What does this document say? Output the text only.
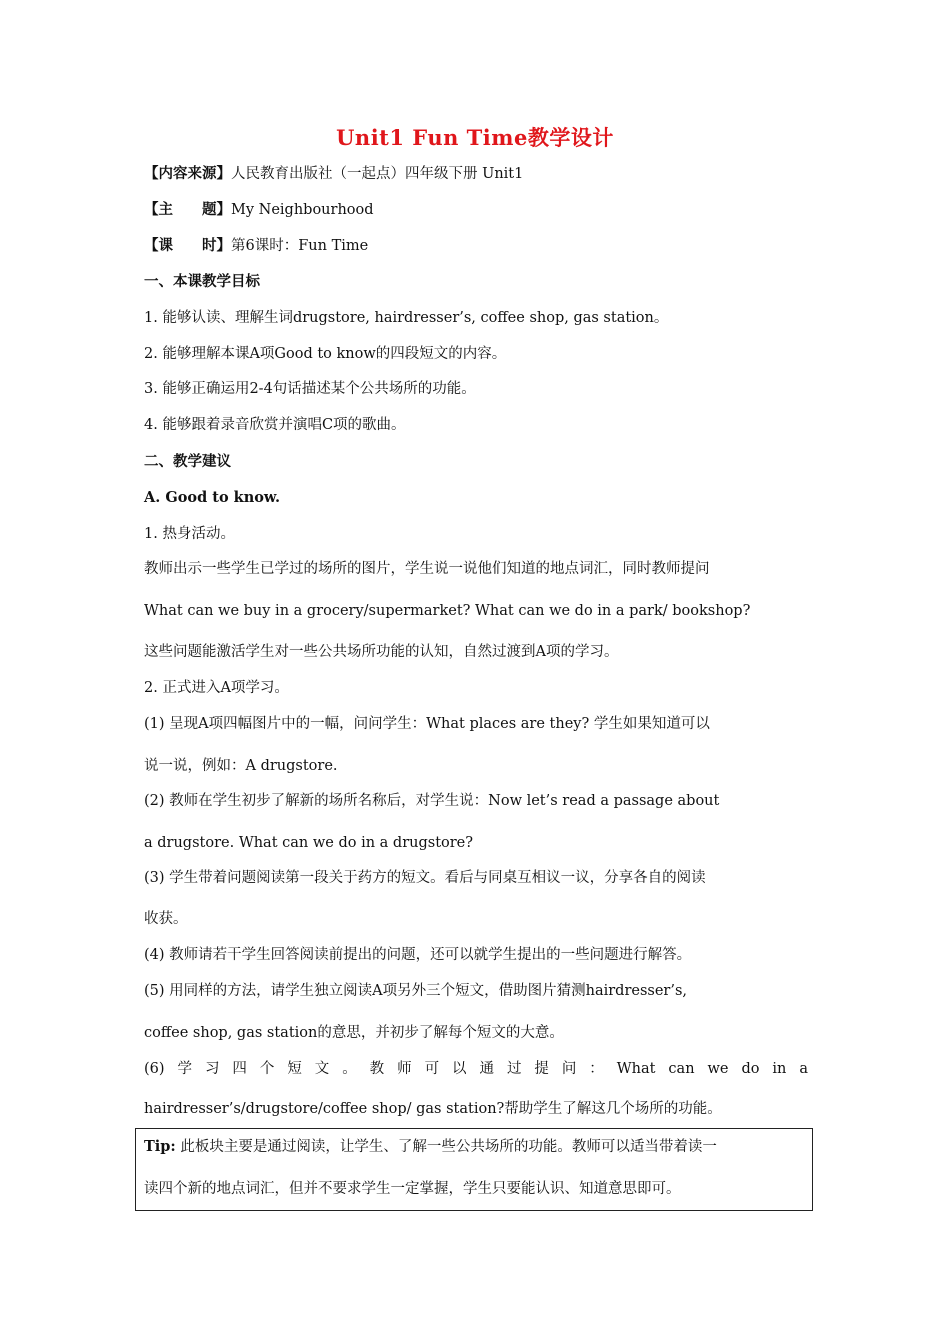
Unit1 Fun Time教学设计
【内容来源】人民教育出版社（一起点）四年级下册 Unit1
【主　　题】My Neighbourhood
【课　　时】第6课时：Fun Time
一、本课教学目标
1. 能够认读、理解生词drugstore, hairdresser’s, coffee shop, gas station。
2. 能够理解本课A项Good to know的四段短文的内容。
3. 能够正确运用2-4句话描述某个公共场所的功能。
4. 能够跟着录音欣赏并演唱C项的歌曲。
二、教学建议
A. Good to know.
1. 热身活动。
教师出示一些学生已学过的场所的图片，学生说一说他们知道的地点词汇，同时教师提问
What can we buy in a grocery/supermarket? What can we do in a park/ bookshop?
这些问题能激活学生对一些公共场所功能的认知，自然过渡到A项的学习。
2. 正式进入A项学习。
(1) 呈现A项四幅图片中的一幅，问问学生：What places are they? 学生如果知道可以
说一说，例如：A drugstore.
(2) 教师在学生初步了解新的场所名称后，对学生说：Now let’s read a passage about
a drugstore. What can we do in a drugstore?
(3) 学生带着问题阅读第一段关于药方的短文。看后与同桌互相议一议，分享各自的阅读
收获。
(4) 教师请若干学生回答阅读前提出的问题，还可以就学生提出的一些问题进行解答。
(5) 用同样的方法，请学生独立阅读A项另外三个短文，借助图片猜测hairdresser’s,
coffee shop, gas station的意思，并初步了解每个短文的大意。
(6) 学 习 四 个 短 文 。 教 师 可 以 通 过 提 问 ： What can we do in a
hairdresser’s/drugstore/coffee shop/ gas station?帮助学生了解这几个场所的功能。
Tip: 此板块主要是通过阅读，让学生、了解一些公共场所的功能。教师可以适当带着读一
读四个新的地点词汇，但并不要求学生一定掌握，学生只要能认识、知道意思即可。
